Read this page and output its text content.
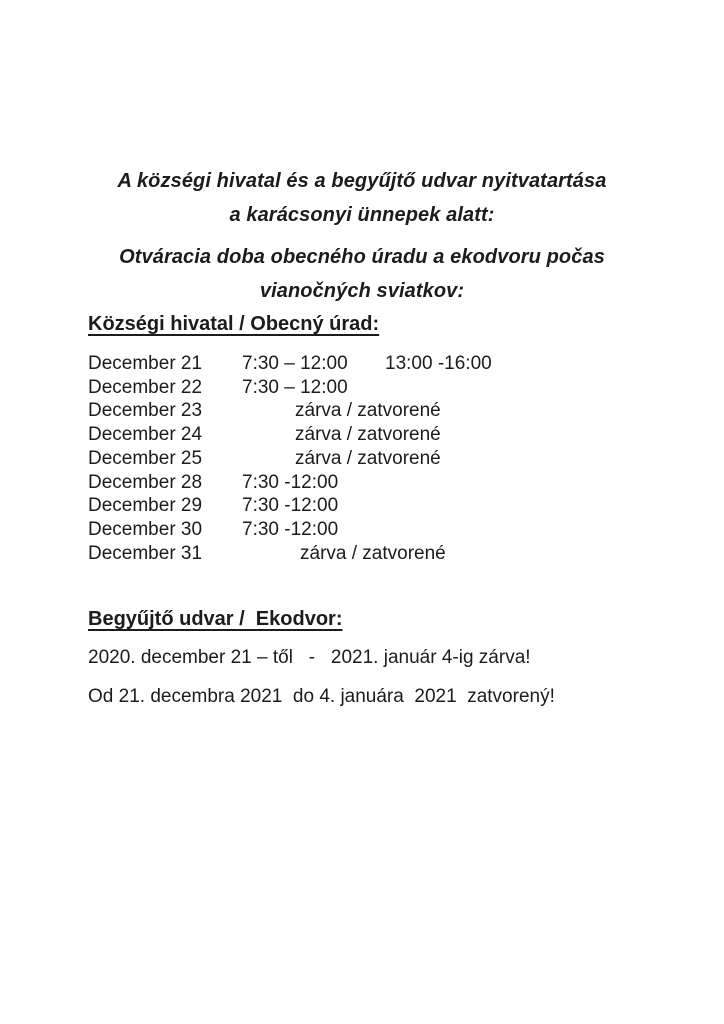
A községi hivatal és a begyűjtő udvar nyitvatartása
a karácsonyi ünnepek alatt:
Otváracia doba obecného úradu a ekodvoru počas
vianočných sviatkov:
Községi hivatal / Obecný úrad:
December 21	7:30 – 12:00	13:00 -16:00
December 22	7:30 – 12:00
December 23	zárva / zatvorené
December 24	zárva / zatvorené
December 25	zárva / zatvorené
December 28	7:30 -12:00
December 29	7:30 -12:00
December 30	7:30 -12:00
December 31	zárva / zatvorené
Begyűjtő udvar /  Ekodvor:
2020. december 21 – től   -   2021. január 4-ig zárva!
Od 21. decembra 2021  do 4. januára  2021  zatvorený!
